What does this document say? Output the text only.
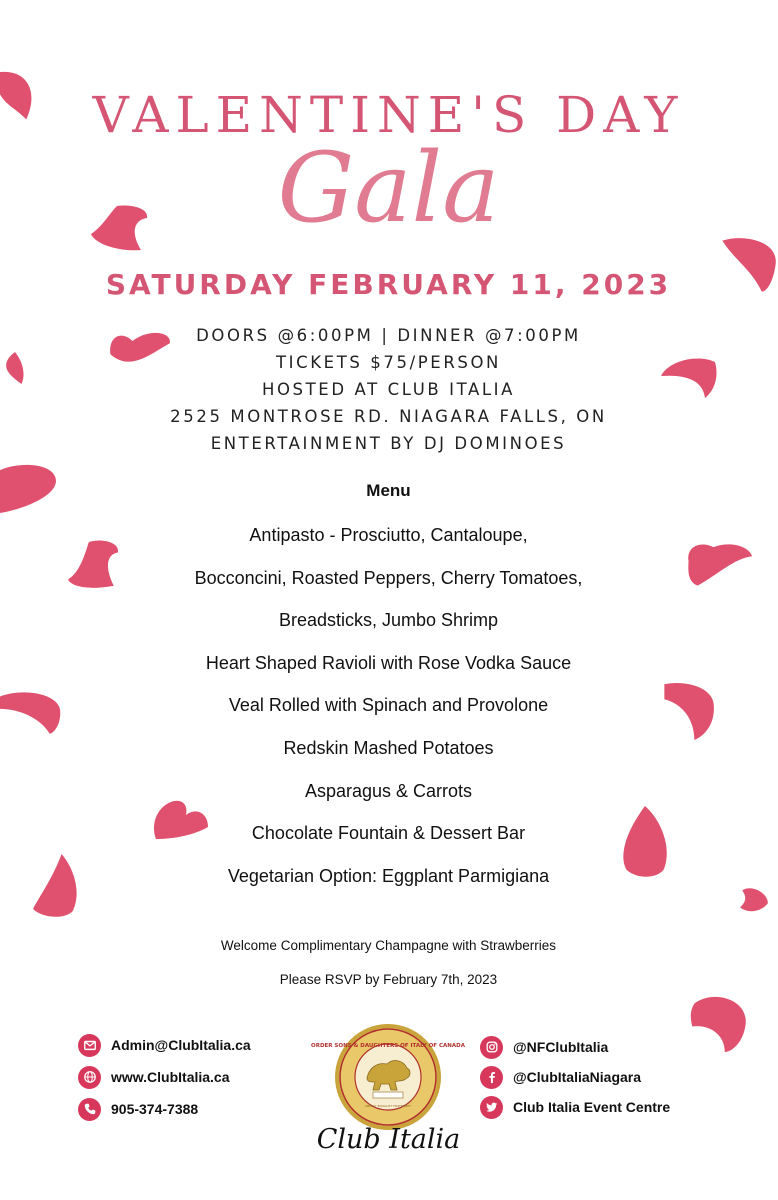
VALENTINE'S DAY
Gala
SATURDAY FEBRUARY 11, 2023
DOORS @6:00PM | DINNER @7:00PM
TICKETS $75/PERSON
HOSTED AT CLUB ITALIA
2525 MONTROSE RD. NIAGARA FALLS, ON
ENTERTAINMENT BY DJ DOMINOES
Menu
Antipasto - Prosciutto, Cantaloupe,
Bocconcini, Roasted Peppers, Cherry Tomatoes,
Breadsticks, Jumbo Shrimp
Heart Shaped Ravioli with Rose Vodka Sauce
Veal Rolled with Spinach and Provolone
Redskin Mashed Potatoes
Asparagus & Carrots
Chocolate Fountain & Dessert Bar
Vegetarian Option: Eggplant Parmigiana

Welcome Complimentary Champagne with Strawberries

Please RSVP by February 7th, 2023

Admin@ClubItalia.ca
www.ClubItalia.ca
905-374-7388
ORDER SONS & DAUGHTERS OF ITALY OF CANADA
LIBERTY EQUALITY FRATERNITY
Club Italia
@NFClubItalia
@ClubItaliaNiagara
Club Italia Event Centre
